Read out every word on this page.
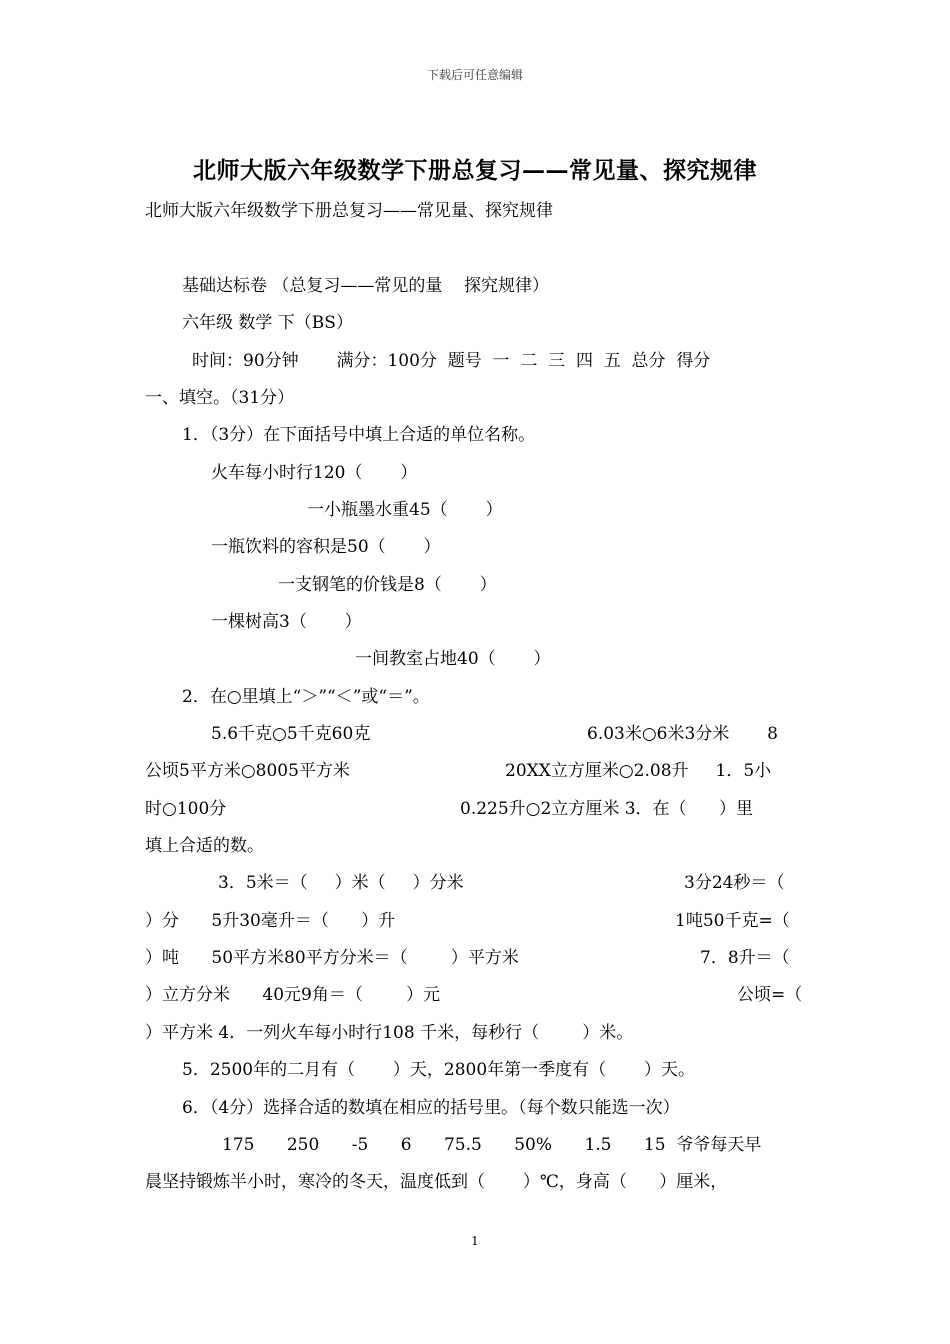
下载后可任意编辑
北师大版六年级数学下册总复习——常见量、探究规律
北师大版六年级数学下册总复习——常见量、探究规律
基础达标卷 （总复习——常见的量    探究规律）
六年级 数学 下（BS）
时间：90分钟       满分：100分  题号  一  二  三  四  五  总分  得分
一、填空。（31分）
1．（3分）在下面括号中填上合适的单位名称。
火车每小时行120（       ）
一小瓶墨水重45（       ）
一瓶饮料的容积是50（       ）
一支钢笔的价钱是8（       ）
一棵树高3（       ）
一间教室占地40（       ）
2．在○里填上“＞”“＜”或“＝”。
5.6千克○5千克60克	6.03米○6米3分米       8
公顷5平方米○8005平方米	20XX立方厘米○2.08升     1．5小
时○100分	0.225升○2立方厘米 3．在（      ）里
填上合适的数。
3．5米＝（     ）米（     ）分米	3分24秒＝（
）分      5升30毫升＝（      ）升	1吨50千克=（
）吨      50平方米80平方分米＝（        ）平方米	7．8升＝（
）立方分米      40元9角＝（        ）元	公顷=（
）平方米 4．一列火车每小时行108 千米，每秒行（        ）米。
5．2500年的二月有（       ）天，2800年第一季度有（       ）天。
6．（4分）选择合适的数填在相应的括号里。（每个数只能选一次）
175      250      -5      6      75.5      50%      1.5      15  爷爷每天早
晨坚持锻炼半小时，寒冷的冬天，温度低到（       ）℃，身高（      ）厘米，
1
